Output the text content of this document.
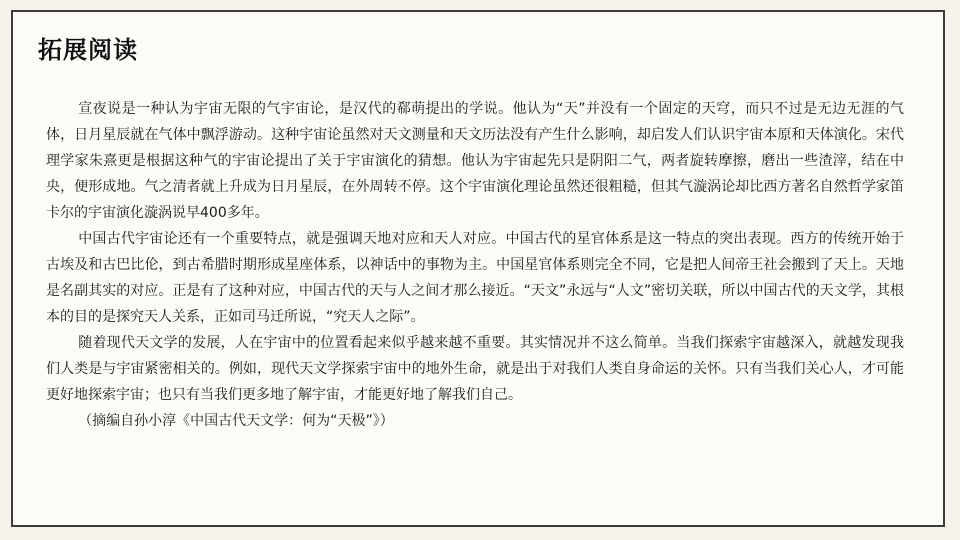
拓展阅读

宣夜说是一种认为宇宙无限的气宇宙论，是汉代的郗萌提出的学说。他认为“天”并没有一个固定的天穹，而只不过是无边无涯的气体，日月星辰就在气体中飘浮游动。这种宇宙论虽然对天文测量和天文历法没有产生什么影响，却启发人们认识宇宙本原和天体演化。宋代理学家朱熹更是根据这种气的宇宙论提出了关于宇宙演化的猜想。他认为宇宙起先只是阴阳二气，两者旋转摩擦，磨出一些渣滓，结在中央，便形成地。气之清者就上升成为日月星辰，在外周转不停。这个宇宙演化理论虽然还很粗糙，但其气漩涡论却比西方著名自然哲学家笛卡尔的宇宙演化漩涡说早400多年。

中国古代宇宙论还有一个重要特点，就是强调天地对应和天人对应。中国古代的星官体系是这一特点的突出表现。西方的传统开始于古埃及和古巴比伦，到古希腊时期形成星座体系，以神话中的事物为主。中国星官体系则完全不同，它是把人间帝王社会搬到了天上。天地是名副其实的对应。正是有了这种对应，中国古代的天与人之间才那么接近。“天文”永远与“人文”密切关联，所以中国古代的天文学，其根本的目的是探究天人关系，正如司马迁所说，“究天人之际”。

随着现代天文学的发展，人在宇宙中的位置看起来似乎越来越不重要。其实情况并不这么简单。当我们探索宇宙越深入，就越发现我们人类是与宇宙紧密相关的。例如，现代天文学探索宇宙中的地外生命，就是出于对我们人类自身命运的关怀。只有当我们关心人，才可能更好地探索宇宙；也只有当我们更多地了解宇宙，才能更好地了解我们自己。

（摘编自孙小淳《中国古代天文学：何为“天极”》）
